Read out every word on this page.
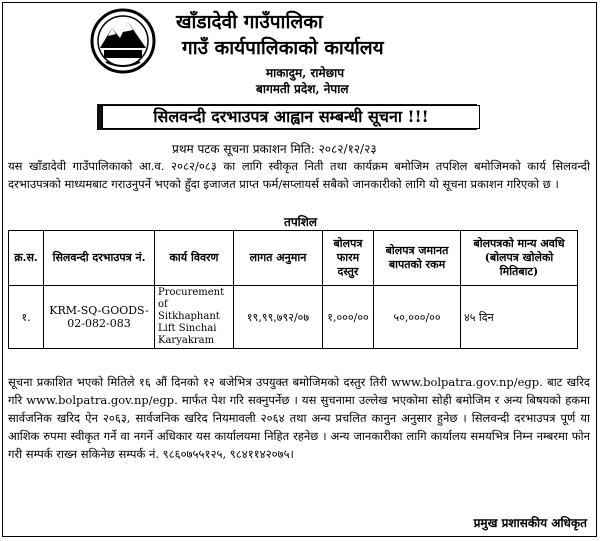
खाँडादेवी गाउँपालिका
गाउँ कार्यपालिकाको कार्यालय
माकादुम, रामेछाप
बागमती प्रदेश, नेपाल
सिलवन्दी दरभाउपत्र आह्वान सम्बन्धी सूचना !!!
प्रथम पटक सूचना प्रकाशन मिति: २०८२/१२/२३
यस खाँडादेवी गाउँपालिकाको आ.व. २०८२/०८३ का लागि स्वीकृत निती तथा कार्यक्रम बमोजिम तपशिल बमोजिमको कार्य सिलवन्दी दरभाउपत्रको माध्यमबाट गराउनुपर्ने भएको हुँदा इजाजत प्राप्त फर्म/सप्लायर्स सबैको जानकारीको लागि यो सूचना प्रकाशन गरिएको छ ।
तपशिल
क्र.स.	सिलवन्दी दरभाउपत्र नं.	कार्य विवरण	लागत अनुमान	बोलपत्र फारम दस्तुर	बोलपत्र जमानत बापतको रकम	बोलपत्रको मान्य अवधि (बोलपत्र खोलेको मितिबाट)
१.	KRM-SQ-GOODS-02-082-083	Procurement of Sitkhaphant Lift Sinchai Karyakram	१९,९९,७९२/०७	१,०००/००	५०,०००/००	४५ दिन
सूचना प्रकाशित भएको मितिले १६ औं दिनको १२ बजेभित्र उपयुक्त बमोजिमको दस्तुर तिरी www.bolpatra.gov.np/egp. बाट खरिद गरि www.bolpatra.gov.np/egp. मार्फत पेश गरि सक्नुपर्नेछ । यस सुचनामा उल्लेख भएकोमा सोही बमोजिम र अन्य बिषयको हकमा सार्वजनिक खरिद ऐन २०६३, सार्वजनिक खरिद नियमावली २०६४ तथा अन्य प्रचलित कानुन अनुसार हुनेछ । सिलवन्दी दरभाउपत्र पूर्ण या आशिक रुपमा स्वीकृत गर्ने वा नगर्ने अधिकार यस कार्यालयमा निहित रहनेछ । अन्य जानकारीका लागि कार्यालय समयभित्र निम्न नम्बरमा फोन गरी सम्पर्क राख्न सकिनेछ सम्पर्क नं. ९८६०७५५१२५, ९८४११४२०७५।
प्रमुख प्रशासकीय अधिकृत
